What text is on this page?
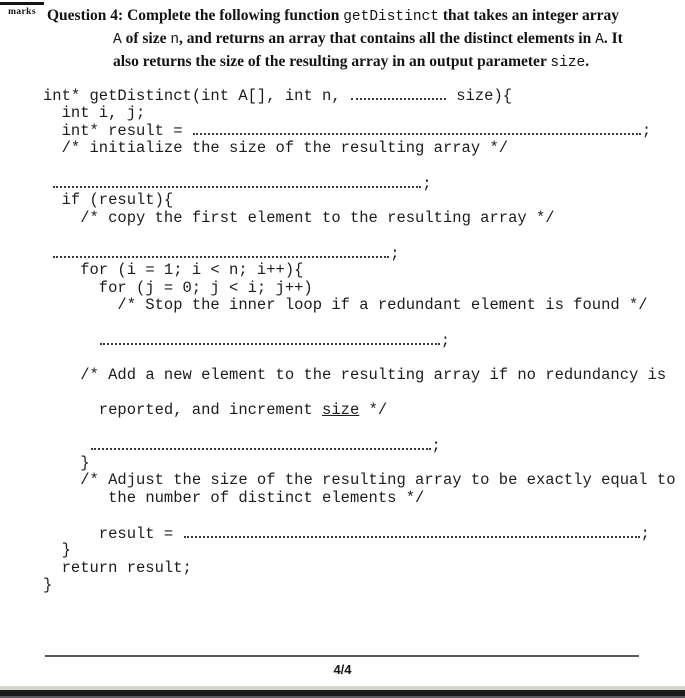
marks Question 4: Complete the following function getDistinct that takes an integer array
A of size n, and returns an array that contains all the distinct elements in A. It
also returns the size of the resulting array in an output parameter size.
int* getDistinct(int A[], int n,	size){
int i, j;
int* result =	;
/* initialize the size of the resulting array */
;
if (result){
/* copy the first element to the resulting array */
;
for (i = 1; i < n; i++){
for (j = 0; j < i; j++)
/* Stop the inner loop if a redundant element is found */
;
/* Add a new element to the resulting array if no redundancy is
reported, and increment size */
;
}
/* Adjust the size of the resulting array to be exactly equal to
the number of distinct elements */
result =	;
}
return result;
}
4/4
